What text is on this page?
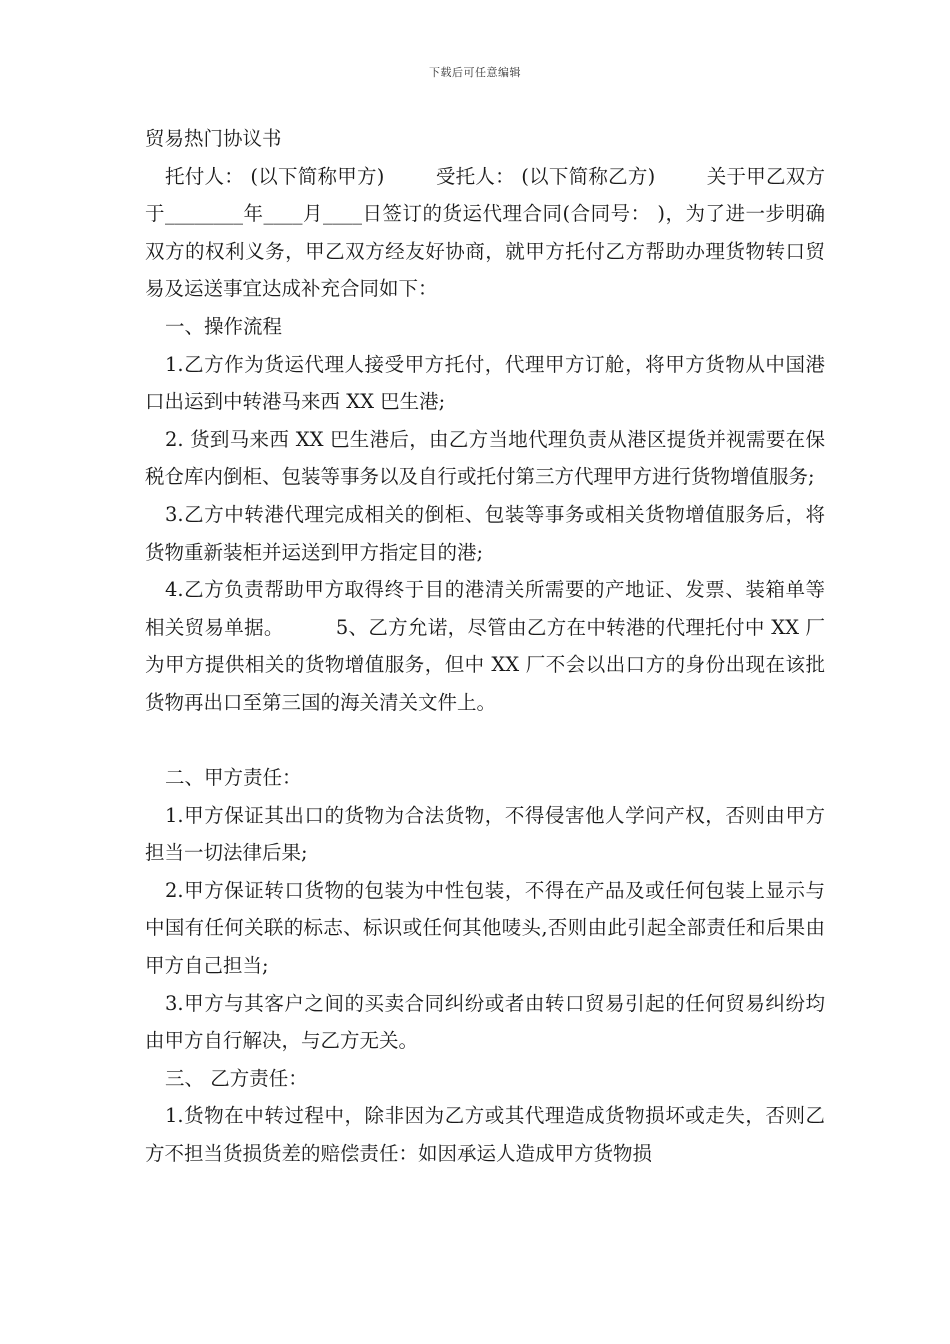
下载后可任意编辑
贸易热门协议书

托付人： (以下简称甲方)        受托人： (以下简称乙方)        关于甲乙双方于________年____月____日签订的货运代理合同(合同号： )，为了进一步明确双方的权利义务，甲乙双方经友好协商，就甲方托付乙方帮助办理货物转口贸易及运送事宜达成补充合同如下：

一、操作流程

1.乙方作为货运代理人接受甲方托付，代理甲方订舱，将甲方货物从中国港口出运到中转港马来西 XX 巴生港;

2. 货到马来西 XX 巴生港后，由乙方当地代理负责从港区提货并视需要在保税仓库内倒柜、包装等事务以及自行或托付第三方代理甲方进行货物增值服务;

3.乙方中转港代理完成相关的倒柜、包装等事务或相关货物增值服务后，将货物重新装柜并运送到甲方指定目的港;

4.乙方负责帮助甲方取得终于目的港清关所需要的产地证、发票、装箱单等相关贸易单据。        5、乙方允诺，尽管由乙方在中转港的代理托付中 XX 厂为甲方提供相关的货物增值服务，但中 XX 厂不会以出口方的身份出现在该批货物再出口至第三国的海关清关文件上。

二、甲方责任：

1.甲方保证其出口的货物为合法货物，不得侵害他人学问产权，否则由甲方担当一切法律后果;

2.甲方保证转口货物的包装为中性包装，不得在产品及或任何包装上显示与中国有任何关联的标志、标识或任何其他唛头,否则由此引起全部责任和后果由甲方自己担当;

3.甲方与其客户之间的买卖合同纠纷或者由转口贸易引起的任何贸易纠纷均由甲方自行解决，与乙方无关。

三、 乙方责任：

1.货物在中转过程中，除非因为乙方或其代理造成货物损坏或走失，否则乙方不担当货损货差的赔偿责任：如因承运人造成甲方货物损
